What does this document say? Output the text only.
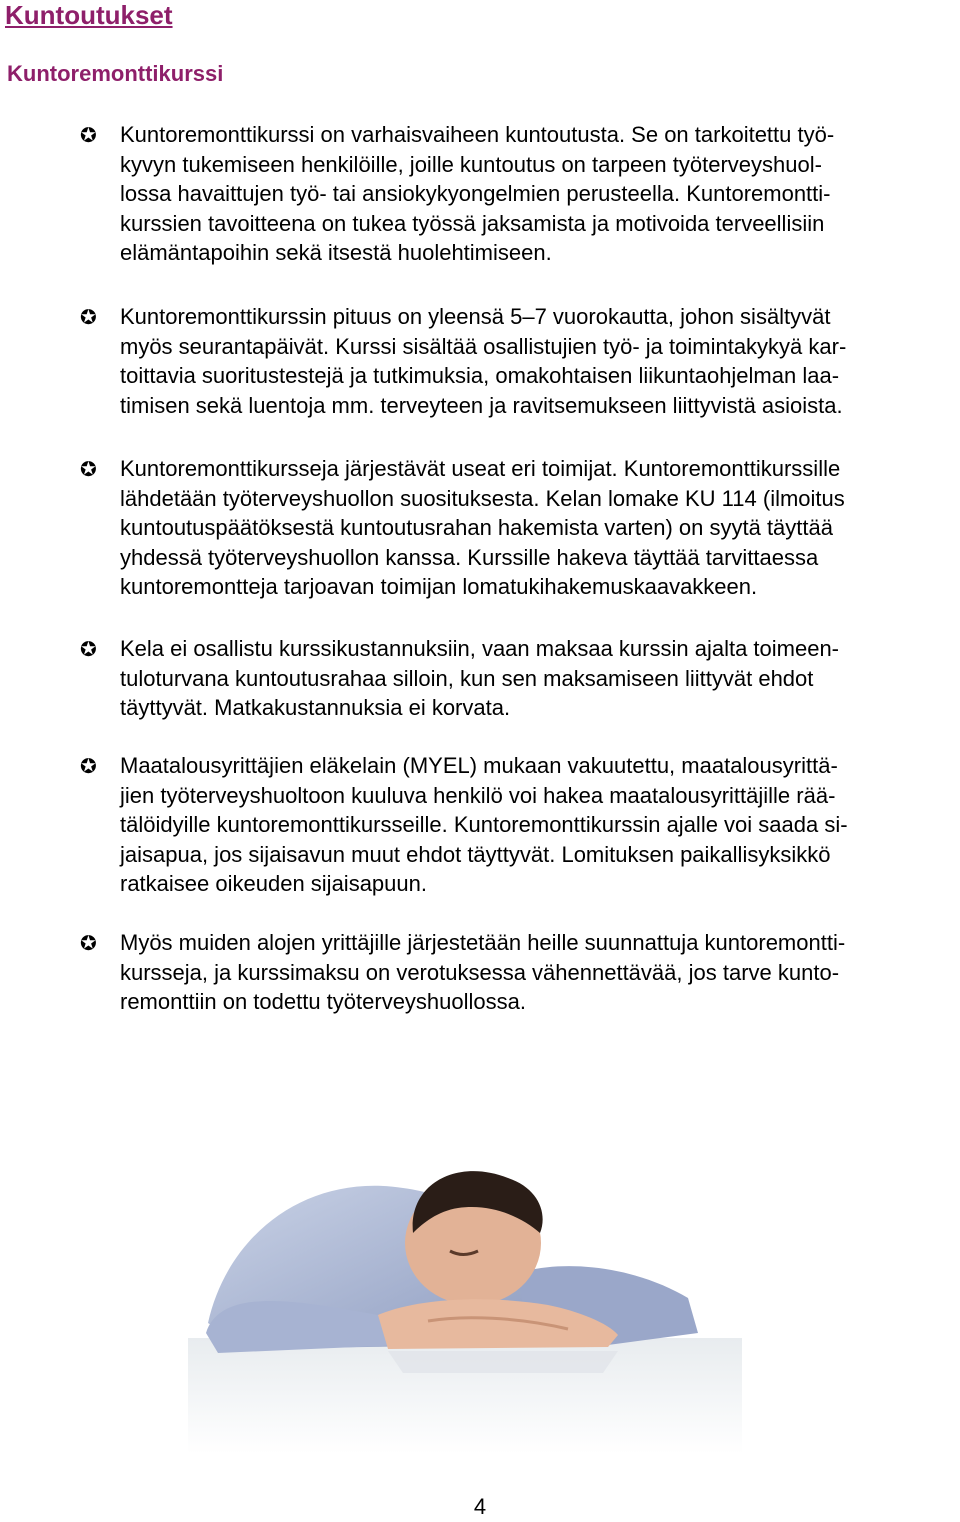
Kuntoutukset
Kuntoremonttikurssi
✪ Kuntoremonttikurssi on varhaisvaiheen kuntoutusta. Se on tarkoitettu työ-
kyvyn tukemiseen henkilöille, joille kuntoutus on tarpeen työterveyshuol-
lossa havaittujen työ- tai ansiokykyongelmien perusteella. Kuntoremontti-
kurssien tavoitteena on tukea työssä jaksamista ja motivoida terveellisiin
elämäntapoihin sekä itsestä huolehtimiseen.

✪ Kuntoremonttikurssin pituus on yleensä 5–7 vuorokautta, johon sisältyvät
myös seurantapäivät. Kurssi sisältää osallistujien työ- ja toimintakykyä kar-
toittavia suoritustestejä ja tutkimuksia, omakohtaisen liikuntaohjelman laa-
timisen sekä luentoja mm. terveyteen ja ravitsemukseen liittyvistä asioista.

✪ Kuntoremonttikursseja järjestävät useat eri toimijat. Kuntoremonttikurssille
lähdetään työterveyshuollon suosituksesta. Kelan lomake KU 114 (ilmoitus
kuntoutuspäätöksestä kuntoutusrahan hakemista varten) on syytä täyttää
yhdessä työterveyshuollon kanssa. Kurssille hakeva täyttää tarvittaessa
kuntoremontteja tarjoavan toimijan lomatukihakemuskaavakkeen.

✪ Kela ei osallistu kurssikustannuksiin, vaan maksaa kurssin ajalta toimeen-
tuloturvana kuntoutusrahaa silloin, kun sen maksamiseen liittyvät ehdot
täyttyvät. Matkakustannuksia ei korvata.

✪ Maatalousyrittäjien eläkelain (MYEL) mukaan vakuutettu, maatalousyrittä-
jien työterveyshuoltoon kuuluva henkilö voi hakea maatalousyrittäjille rää-
tälöidyille kuntoremonttikursseille. Kuntoremonttikurssin ajalle voi saada si-
jaisapua, jos sijaisavun muut ehdot täyttyvät. Lomituksen paikallisyksikkö
ratkaisee oikeuden sijaisapuun.

✪ Myös muiden alojen yrittäjille järjestetään heille suunnattuja kuntoremontti-
kursseja, ja kurssimaksu on verotuksessa vähennettävää, jos tarve kunto-
remonttiin on todettu työterveyshuollossa.

4
